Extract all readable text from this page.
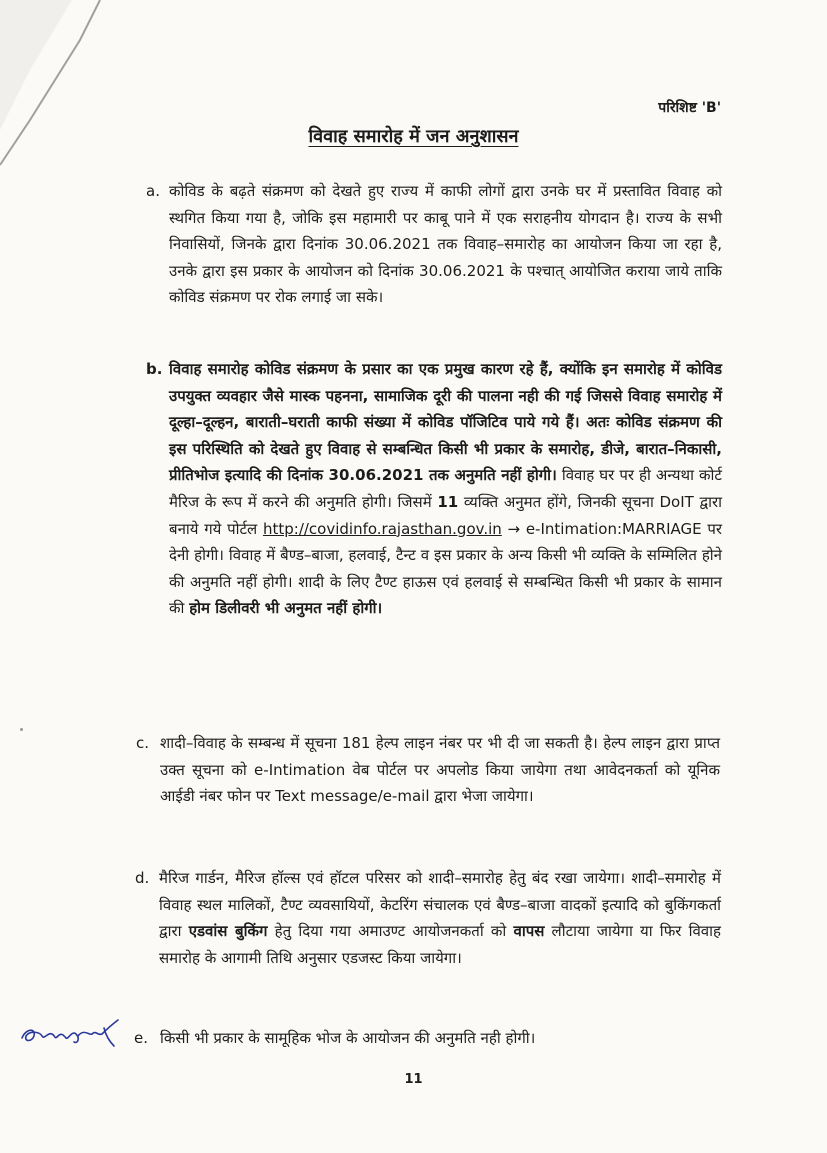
परिशिष्ट 'B'
विवाह समारोह में जन अनुशासन
a. कोविड के बढ़ते संक्रमण को देखते हुए राज्य में काफी लोगों द्वारा उनके घर में प्रस्तावित विवाह को स्थगित किया गया है, जोकि इस महामारी पर काबू पाने में एक सराहनीय योगदान है। राज्य के सभी निवासियों, जिनके द्वारा दिनांक 30.06.2021 तक विवाह–समारोह का आयोजन किया जा रहा है, उनके द्वारा इस प्रकार के आयोजन को दिनांक 30.06.2021 के पश्चात् आयोजित कराया जाये ताकि कोविड संक्रमण पर रोक लगाई जा सके।

b. विवाह समारोह कोविड संक्रमण के प्रसार का एक प्रमुख कारण रहे हैं, क्योंकि इन समारोह में कोविड उपयुक्त व्यवहार जैसे मास्क पहनना, सामाजिक दूरी की पालना नही की गई जिससे विवाह समारोह में दूल्हा–दूल्हन, बाराती–घराती काफी संख्या में कोविड पॉजिटिव पाये गये हैं। अतः कोविड संक्रमण की इस परिस्थिति को देखते हुए विवाह से सम्बन्धित किसी भी प्रकार के समारोह, डीजे, बारात–निकासी, प्रीतिभोज इत्यादि की दिनांक 30.06.2021 तक अनुमति नहीं होगी। विवाह घर पर ही अन्यथा कोर्ट मैरिज के रूप में करने की अनुमति होगी। जिसमें 11 व्यक्ति अनुमत होंगे, जिनकी सूचना DoIT द्वारा बनाये गये पोर्टल http://covidinfo.rajasthan.gov.in → e-Intimation:MARRIAGE पर देनी होगी। विवाह में बैण्ड–बाजा, हलवाई, टैन्ट व इस प्रकार के अन्य किसी भी व्यक्ति के सम्मिलित होने की अनुमति नहीं होगी। शादी के लिए टैण्ट हाऊस एवं हलवाई से सम्बन्धित किसी भी प्रकार के सामान की होम डिलीवरी भी अनुमत नहीं होगी।

c. शादी–विवाह के सम्बन्ध में सूचना 181 हेल्प लाइन नंबर पर भी दी जा सकती है। हेल्प लाइन द्वारा प्राप्त उक्त सूचना को e-Intimation वेब पोर्टल पर अपलोड किया जायेगा तथा आवेदनकर्ता को यूनिक आईडी नंबर फोन पर Text message/e-mail द्वारा भेजा जायेगा।

d. मैरिज गार्डन, मैरिज हॉल्स एवं हॉटल परिसर को शादी–समारोह हेतु बंद रखा जायेगा। शादी–समारोह में विवाह स्थल मालिकों, टैण्ट व्यवसायियों, केटरिंग संचालक एवं बैण्ड–बाजा वादकों इत्यादि को बुकिंगकर्ता द्वारा एडवांस बुकिंग हेतु दिया गया अमाउण्ट आयोजनकर्ता को वापस लौटाया जायेगा या फिर विवाह समारोह के आगामी तिथि अनुसार एडजस्ट किया जायेगा।

e. किसी भी प्रकार के सामूहिक भोज के आयोजन की अनुमति नही होगी।

11
